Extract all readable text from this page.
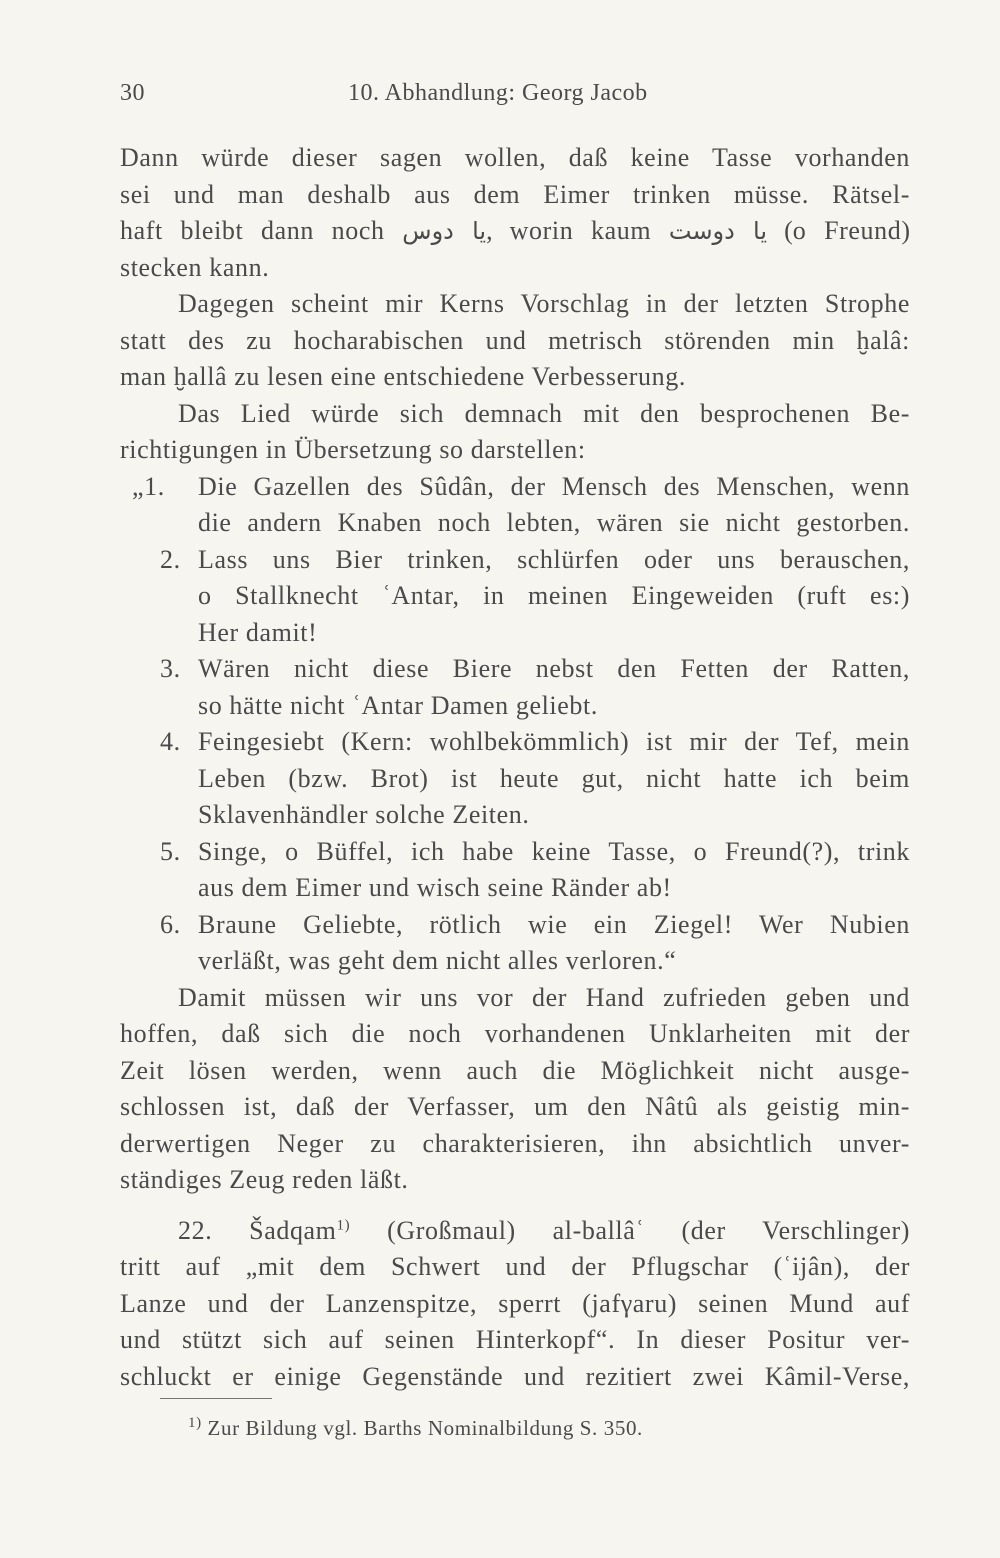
30	10. Abhandlung: Georg Jacob
Dann würde dieser sagen wollen, daß keine Tasse vorhanden
sei und man deshalb aus dem Eimer trinken müsse. Rätsel-
haft bleibt dann noch يا دوس, worin kaum يا دوست (o Freund)
stecken kann.
Dagegen scheint mir Kerns Vorschlag in der letzten Strophe
statt des zu hocharabischen und metrisch störenden min ḫalâ:
man ḫallâ zu lesen eine entschiedene Verbesserung.
Das Lied würde sich demnach mit den besprochenen Be-
richtigungen in Übersetzung so darstellen:
„1.	Die Gazellen des Sûdân, der Mensch des Menschen, wenn
die andern Knaben noch lebten, wären sie nicht gestorben.
2. Lass uns Bier trinken, schlürfen oder uns berauschen,
o Stallknecht ʿAntar, in meinen Eingeweiden (ruft es:)
Her damit!
3. Wären nicht diese Biere nebst den Fetten der Ratten,
so hätte nicht ʿAntar Damen geliebt.
4. Feingesiebt (Kern: wohlbekömmlich) ist mir der Tef, mein
Leben (bzw. Brot) ist heute gut, nicht hatte ich beim
Sklavenhändler solche Zeiten.
5. Singe, o Büffel, ich habe keine Tasse, o Freund(?), trink
aus dem Eimer und wisch seine Ränder ab!
6. Braune Geliebte, rötlich wie ein Ziegel! Wer Nubien
verläßt, was geht dem nicht alles verloren.“
Damit müssen wir uns vor der Hand zufrieden geben und
hoffen, daß sich die noch vorhandenen Unklarheiten mit der
Zeit lösen werden, wenn auch die Möglichkeit nicht ausge-
schlossen ist, daß der Verfasser, um den Nâtû als geistig min-
derwertigen Neger zu charakterisieren, ihn absichtlich unver-
ständiges Zeug reden läßt.
22. Šadqam$^{1)}$ (Großmaul) al-ballâʿ (der Verschlinger)
tritt auf „mit dem Schwert und der Pflugschar (ʿijân), der
Lanze und der Lanzenspitze, sperrt (jafγaru) seinen Mund auf
und stützt sich auf seinen Hinterkopf“. In dieser Positur ver-
schluckt er einige Gegenstände und rezitiert zwei Kâmil-Verse,
$^{1)}$ Zur Bildung vgl. Barths Nominalbildung S. 350.
